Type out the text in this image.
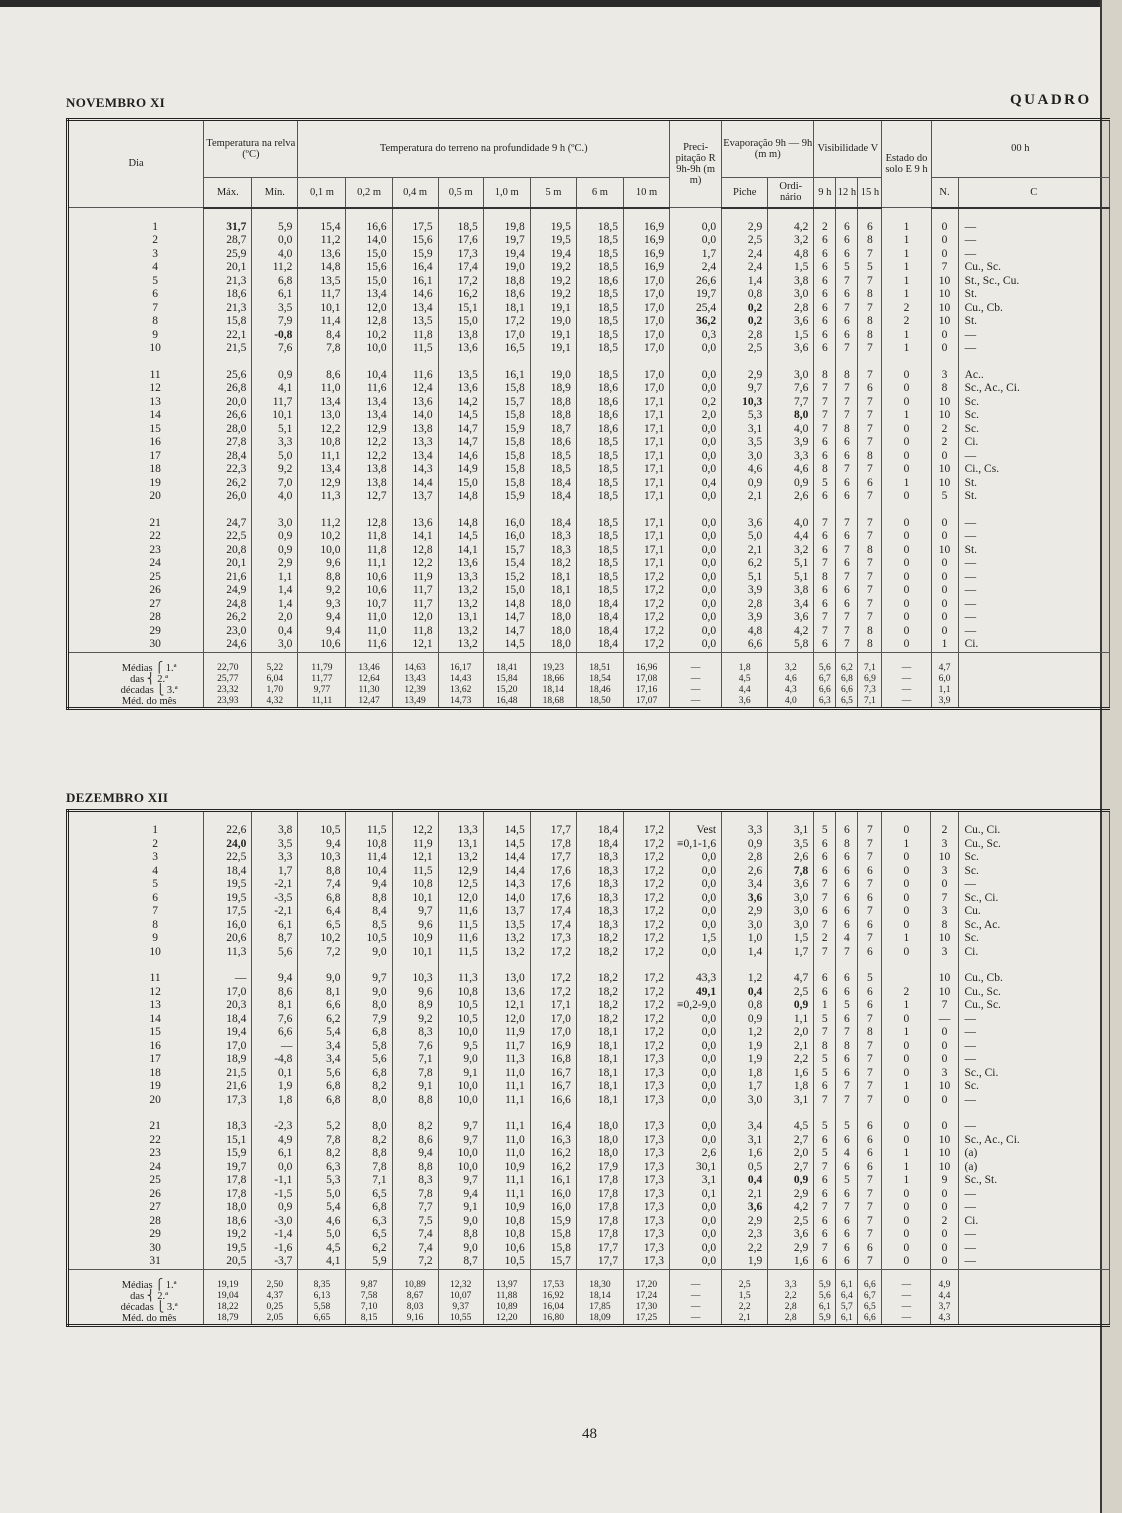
NOVEMBRO XI	QUADRO
Dia	Temperatura na relva (ºC)		Temperatura do terreno na profundidade 9 h (ºC.)								Preci- pitação R 9h-9h (m m)	Evaporação 9h — 9h (m m)		Visibilidade V			Estado do solo E 9 h	00 h	
	Máx.	Mín.	0,1 m	0,2 m	0,4 m	0,5 m	1,0 m	5 m	6 m	10 m		Piche	Ordi- nário	9 h	12 h	15 h		N.	C
1	31,7	5,9	15,4	16,6	17,5	18,5	19,8	19,5	18,5	16,9	0,0	2,9	4,2	2	6	6	1	0	—
2	28,7	0,0	11,2	14,0	15,6	17,6	19,7	19,5	18,5	16,9	0,0	2,5	3,2	6	6	8	1	0	—
3	25,9	4,0	13,6	15,0	15,9	17,3	19,4	19,4	18,5	16,9	1,7	2,4	4,8	6	6	7	1	0	—
4	20,1	11,2	14,8	15,6	16,4	17,4	19,0	19,2	18,5	16,9	2,4	2,4	1,5	6	5	5	1	7	Cu., Sc.
5	21,3	6,8	13,5	15,0	16,1	17,2	18,8	19,2	18,6	17,0	26,6	1,4	3,8	6	7	7	1	10	St., Sc., Cu.
6	18,6	6,1	11,7	13,4	14,6	16,2	18,6	19,2	18,5	17,0	19,7	0,8	3,0	6	6	8	1	10	St.
7	21,3	3,5	10,1	12,0	13,4	15,1	18,1	19,1	18,5	17,0	25,4	0,2	2,8	6	7	7	2	10	Cu., Cb.
8	15,8	7,9	11,4	12,8	13,5	15,0	17,2	19,0	18,5	17,0	36,2	0,2	3,6	6	6	8	2	10	St.
9	22,1	-0,8	8,4	10,2	11,8	13,8	17,0	19,1	18,5	17,0	0,3	2,8	1,5	6	6	8	1	0	—
10	21,5	7,6	7,8	10,0	11,5	13,6	16,5	19,1	18,5	17,0	0,0	2,5	3,6	6	7	7	1	0	—

11	25,6	0,9	8,6	10,4	11,6	13,5	16,1	19,0	18,5	17,0	0,0	2,9	3,0	8	8	7	0	3	Ac..
12	26,8	4,1	11,0	11,6	12,4	13,6	15,8	18,9	18,6	17,0	0,0	9,7	7,6	7	7	6	0	8	Sc., Ac., Ci.
13	20,0	11,7	13,4	13,4	13,6	14,2	15,7	18,8	18,6	17,1	0,2	10,3	7,7	7	7	7	0	10	Sc.
14	26,6	10,1	13,0	13,4	14,0	14,5	15,8	18,8	18,6	17,1	2,0	5,3	8,0	7	7	7	1	10	Sc.
15	28,0	5,1	12,2	12,9	13,8	14,7	15,9	18,7	18,6	17,1	0,0	3,1	4,0	7	8	7	0	2	Sc.
16	27,8	3,3	10,8	12,2	13,3	14,7	15,8	18,6	18,5	17,1	0,0	3,5	3,9	6	6	7	0	2	Ci.
17	28,4	5,0	11,1	12,2	13,4	14,6	15,8	18,5	18,5	17,1	0,0	3,0	3,3	6	6	8	0	0	—
18	22,3	9,2	13,4	13,8	14,3	14,9	15,8	18,5	18,5	17,1	0,0	4,6	4,6	8	7	7	0	10	Ci., Cs.
19	26,2	7,0	12,9	13,8	14,4	15,0	15,8	18,4	18,5	17,1	0,4	0,9	0,9	5	6	6	1	10	St.
20	26,0	4,0	11,3	12,7	13,7	14,8	15,9	18,4	18,5	17,1	0,0	2,1	2,6	6	6	7	0	5	St.

21	24,7	3,0	11,2	12,8	13,6	14,8	16,0	18,4	18,5	17,1	0,0	3,6	4,0	7	7	7	0	0	—
22	22,5	0,9	10,2	11,8	14,1	14,5	16,0	18,3	18,5	17,1	0,0	5,0	4,4	6	6	7	0	0	—
23	20,8	0,9	10,0	11,8	12,8	14,1	15,7	18,3	18,5	17,1	0,0	2,1	3,2	6	7	8	0	10	St.
24	20,1	2,9	9,6	11,1	12,2	13,6	15,4	18,2	18,5	17,1	0,0	6,2	5,1	7	6	7	0	0	—
25	21,6	1,1	8,8	10,6	11,9	13,3	15,2	18,1	18,5	17,2	0,0	5,1	5,1	8	7	7	0	0	—
26	24,9	1,4	9,2	10,6	11,7	13,2	15,0	18,1	18,5	17,2	0,0	3,9	3,8	6	6	7	0	0	—
27	24,8	1,4	9,3	10,7	11,7	13,2	14,8	18,0	18,4	17,2	0,0	2,8	3,4	6	6	7	0	0	—
28	26,2	2,0	9,4	11,0	12,0	13,1	14,7	18,0	18,4	17,2	0,0	3,9	3,6	7	7	7	0	0	—
29	23,0	0,4	9,4	11,0	11,8	13,2	14,7	18,0	18,4	17,2	0,0	4,8	4,2	7	7	8	0	0	—
30	24,6	3,0	10,6	11,6	12,1	13,2	14,5	18,0	18,4	17,2	0,0	6,6	5,8	6	7	8	0	1	Ci.
Médias ⎧ 1.ª	22,70	5,22	11,79	13,46	14,63	16,17	18,41	19,23	18,51	16,96	—	1,8	3,2	5,6	6,2	7,1	—	4,7	
das ⎨ 2.ª	25,77	6,04	11,77	12,64	13,43	14,43	15,84	18,66	18,54	17,08	—	4,5	4,6	6,7	6,8	6,9	—	6,0	
décadas ⎩ 3.ª	23,32	1,70	9,77	11,30	12,39	13,62	15,20	18,14	18,46	17,16	—	4,4	4,3	6,6	6,6	7,3	—	1,1	
Méd. do mês	23,93	4,32	11,11	12,47	13,49	14,73	16,48	18,68	18,50	17,07	—	3,6	4,0	6,3	6,5	7,1	—	3,9	
DEZEMBRO XII
1	22,6	3,8	10,5	11,5	12,2	13,3	14,5	17,7	18,4	17,2	Vest	3,3	3,1	5	6	7	0	2	Cu., Ci.
2	24,0	3,5	9,4	10,8	11,9	13,1	14,5	17,8	18,4	17,2	≡0,1-1,6	0,9	3,5	6	8	7	1	3	Cu., Sc.
3	22,5	3,3	10,3	11,4	12,1	13,2	14,4	17,7	18,3	17,2	0,0	2,8	2,6	6	6	7	0	10	Sc.
4	18,4	1,7	8,8	10,4	11,5	12,9	14,4	17,6	18,3	17,2	0,0	2,6	7,8	6	6	6	0	3	Sc.
5	19,5	-2,1	7,4	9,4	10,8	12,5	14,3	17,6	18,3	17,2	0,0	3,4	3,6	7	6	7	0	0	—
6	19,5	-3,5	6,8	8,8	10,1	12,0	14,0	17,6	18,3	17,2	0,0	3,6	3,0	7	6	6	0	7	Sc., Ci.
7	17,5	-2,1	6,4	8,4	9,7	11,6	13,7	17,4	18,3	17,2	0,0	2,9	3,0	6	6	7	0	3	Cu.
8	16,0	6,1	6,5	8,5	9,6	11,5	13,5	17,4	18,3	17,2	0,0	3,0	3,0	7	6	6	0	8	Sc., Ac.
9	20,6	8,7	10,2	10,5	10,9	11,6	13,2	17,3	18,2	17,2	1,5	1,0	1,5	2	4	7	1	10	Sc.
10	11,3	5,6	7,2	9,0	10,1	11,5	13,2	17,2	18,2	17,2	0,0	1,4	1,7	7	7	6	0	3	Ci.

11	—	9,4	9,0	9,7	10,3	11,3	13,0	17,2	18,2	17,2	43,3	1,2	4,7	6	6	5		10	Cu., Cb.
12	17,0	8,6	8,1	9,0	9,6	10,8	13,6	17,2	18,2	17,2	49,1	0,4	2,5	6	6	6	2	10	Cu., Sc.
13	20,3	8,1	6,6	8,0	8,9	10,5	12,1	17,1	18,2	17,2	≡0,2-9,0	0,8	0,9	1	5	6	1	7	Cu., Sc.
14	18,4	7,6	6,2	7,9	9,2	10,5	12,0	17,0	18,2	17,2	0,0	0,9	1,1	5	6	7	0	—	—
15	19,4	6,6	5,4	6,8	8,3	10,0	11,9	17,0	18,1	17,2	0,0	1,2	2,0	7	7	8	1	0	—
16	17,0	—	3,4	5,8	7,6	9,5	11,7	16,9	18,1	17,2	0,0	1,9	2,1	8	8	7	0	0	—
17	18,9	-4,8	3,4	5,6	7,1	9,0	11,3	16,8	18,1	17,3	0,0	1,9	2,2	5	6	7	0	0	—
18	21,5	0,1	5,6	6,8	7,8	9,1	11,0	16,7	18,1	17,3	0,0	1,8	1,6	5	6	7	0	3	Sc., Ci.
19	21,6	1,9	6,8	8,2	9,1	10,0	11,1	16,7	18,1	17,3	0,0	1,7	1,8	6	7	7	1	10	Sc.
20	17,3	1,8	6,8	8,0	8,8	10,0	11,1	16,6	18,1	17,3	0,0	3,0	3,1	7	7	7	0	0	—

21	18,3	-2,3	5,2	8,0	8,2	9,7	11,1	16,4	18,0	17,3	0,0	3,4	4,5	5	5	6	0	0	—
22	15,1	4,9	7,8	8,2	8,6	9,7	11,0	16,3	18,0	17,3	0,0	3,1	2,7	6	6	6	0	10	Sc., Ac., Ci.
23	15,9	6,1	8,2	8,8	9,4	10,0	11,0	16,2	18,0	17,3	2,6	1,6	2,0	5	4	6	1	10	(a)
24	19,7	0,0	6,3	7,8	8,8	10,0	10,9	16,2	17,9	17,3	30,1	0,5	2,7	7	6	6	1	10	(a)
25	17,8	-1,1	5,3	7,1	8,3	9,7	11,1	16,1	17,8	17,3	3,1	0,4	0,9	6	5	7	1	9	Sc., St.
26	17,8	-1,5	5,0	6,5	7,8	9,4	11,1	16,0	17,8	17,3	0,1	2,1	2,9	6	6	7	0	0	—
27	18,0	0,9	5,4	6,8	7,7	9,1	10,9	16,0	17,8	17,3	0,0	3,6	4,2	7	7	7	0	0	—
28	18,6	-3,0	4,6	6,3	7,5	9,0	10,8	15,9	17,8	17,3	0,0	2,9	2,5	6	6	7	0	2	Ci.
29	19,2	-1,4	5,0	6,5	7,4	8,8	10,8	15,8	17,8	17,3	0,0	2,3	3,6	6	6	7	0	0	—
30	19,5	-1,6	4,5	6,2	7,4	9,0	10,6	15,8	17,7	17,3	0,0	2,2	2,9	7	6	6	0	0	—
31	20,5	-3,7	4,1	5,9	7,2	8,7	10,5	15,7	17,7	17,3	0,0	1,9	1,6	6	6	7	0	0	—
Médias ⎧ 1.ª	19,19	2,50	8,35	9,87	10,89	12,32	13,97	17,53	18,30	17,20	—	2,5	3,3	5,9	6,1	6,6	—	4,9	
das ⎨ 2.ª	19,04	4,37	6,13	7,58	8,67	10,07	11,88	16,92	18,14	17,24	—	1,5	2,2	5,6	6,4	6,7	—	4,4	
décadas ⎩ 3.ª	18,22	0,25	5,58	7,10	8,03	9,37	10,89	16,04	17,85	17,30	—	2,2	2,8	6,1	5,7	6,5	—	3,7	
Méd. do mês	18,79	2,05	6,65	8,15	9,16	10,55	12,20	16,80	18,09	17,25	—	2,1	2,8	5,9	6,1	6,6	—	4,3	
48
